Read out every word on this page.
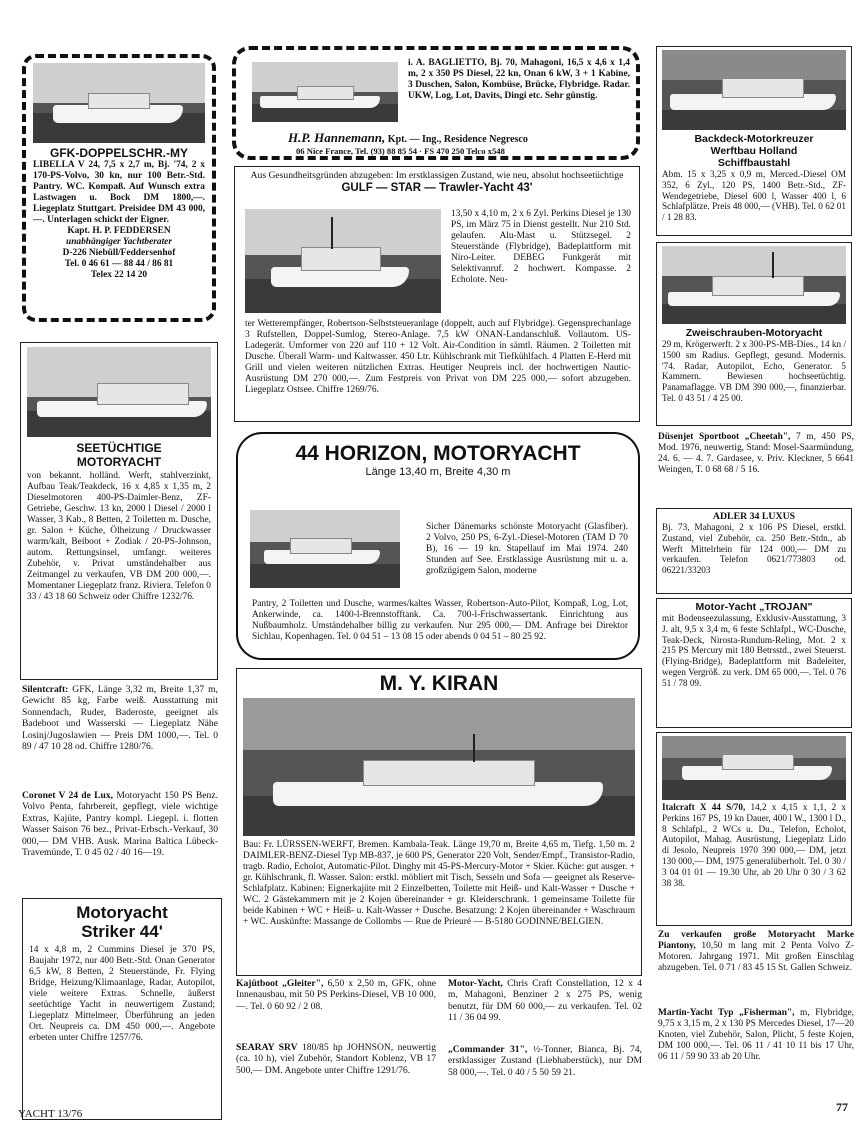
GFK-DOPPELSCHR.-MY
LIBELLA V 24, 7,5 x 2,7 m, Bj. '74, 2 x 170-PS-Volvo, 30 kn, nur 100 Betr.-Std. Pantry. WC. Kompaß. Auf Wunsch extra Lastwagen u. Bock DM 1800,—. Liegeplatz Stuttgart. Preisidee DM 43 000,—. Unterlagen schickt der Eigner.
Kapt. H. P. FEDDERSEN
unabhängiger Yachtberater
D-226 Niebüll/Feddersenhof
Tel. 0 46 61 — 88 44 / 86 81
Telex 22 14 20
SEETÜCHTIGE MOTORYACHT
von bekannt. holländ. Werft, stahlverzinkt, Aufbau Teak/Teakdeck, 16 x 4,85 x 1,35 m, 2 Dieselmotoren 400-PS-Daimler-Benz, ZF-Getriebe, Geschw. 13 kn, 2000 l Diesel / 2000 l Wasser, 3 Kab., 8 Betten, 2 Toiletten m. Dusche, gr. Salon + Küche, Ölheizung / Druckwasser warm/kalt, Beiboot + Zodiak / 20-PS-Johnson, autom. Rettungsinsel, umfangr. weiteres Zubehör, v. Privat umständehalber aus Zeitmangel zu verkaufen, VB DM 200 000,—. Momentaner Liegeplatz franz. Riviera. Telefon 0 33 / 43 18 60 Schweiz oder Chiffre 1232/76.
Silentcraft: GFK, Länge 3,32 m, Breite 1,37 m, Gewicht 85 kg, Farbe weiß. Ausstattung mit Sonnendach, Ruder, Baderoste, geeignet als Badeboot und Wasserski — Liegeplatz Nähe Losinj/Jugoslawien — Preis DM 1000,—. Tel. 0 89 / 47 10 28 od. Chiffre 1280/76.
Coronet V 24 de Lux, Motoryacht 150 PS Benz. Volvo Penta, fahrbereit, gepflegt, viele wichtige Extras, Kajüte, Pantry kompl. Liegepl. i. flotten Wasser Saison 76 bez., Privat-Erbsch.-Verkauf, 30 000,— DM VHB. Ausk. Marina Baltica Lübeck-Travemünde, T. 0 45 02 / 40 16—19.
Motoryacht Striker 44'
14 x 4,8 m, 2 Cummins Diesel je 370 PS, Baujahr 1972, nur 400 Betr.-Std. Onan Generator 6,5 kW, 8 Betten, 2 Steuerstände, Fr. Flying Bridge, Heizung/Klimaanlage, Radar, Autopilot, viele weitere Extras. Schnelle, äußerst seetüchtige Yacht in neuwertigem Zustand; Liegeplatz Mittelmeer, Überführung an jeden Ort. Neupreis ca. DM 450 000,—. Angebote erbeten unter Chiffre 1257/76.
i. A. BAGLIETTO, Bj. 70, Mahagoni, 16,5 x 4,6 x 1,4 m, 2 x 350 PS Diesel, 22 kn, Onan 6 kW, 3 + 1 Kabine, 3 Duschen, Salon, Kombüse, Brücke, Flybridge. Radar. UKW, Log, Lot, Davits, Dingi etc. Sehr günstig.
H.P. Hannemann, Kpt. — Ing., Residence Negresco
06 Nice France, Tel. (93) 88 85 54 · FS 470 250 Telco x548
Aus Gesundheitsgründen abzugeben: Im erstklassigen Zustand, wie neu, absolut hochseetüchtige
GULF — STAR — Trawler-Yacht 43'
13,50 x 4,10 m, 2 x 6 Zyl. Perkins Diesel je 130 PS, im März 75 in Dienst gestellt. Nur 210 Std. gelaufen. Alu-Mast u. Stützsegel. 2 Steuerstände (Flybridge), Badeplattform mit Niro-Leiter. DEBEG Funkgerät mit Selektivanruf. 2 hochwert. Kompasse. 2 Echolote. Neu-
ter Wetterempfänger, Robertson-Selbststeueranlage (doppelt, auch auf Flybridge). Gegensprechanlage 3 Rufstellen, Doppel-Sumlog, Stereo-Anlage. 7,5 kW ONAN-Landanschluß. Vollautom. US-Ladegerät. Umformer von 220 auf 110 + 12 Volt. Air-Condition in sämtl. Räumen. 2 Toiletten mit Dusche. Überall Warm- und Kaltwasser. 450 Ltr. Kühlschrank mit Tiefkühlfach. 4 Platten E-Herd mit Grill und vielen weiteren nützlichen Extras. Heutiger Neupreis incl. der hochwertigen Nautic-Ausrüstung DM 270 000,—. Zum Festpreis von Privat von DM 225 000,— sofort abzugeben. Liegeplatz Ostsee. Chiffre 1269/76.
44 HORIZON, MOTORYACHT
Länge 13,40 m, Breite 4,30 m
Sicher Dänemarks schönste Motoryacht (Glasfiber). 2 Volvo, 250 PS, 6-Zyl.-Diesel-Motoren (TAM D 70 B), 16 — 19 kn. Stapellauf im Mai 1974. 240 Stunden auf See. Erstklassige Ausrüstung mit u. a. großzügigem Salon, moderne
Pantry, 2 Toiletten und Dusche, warmes/kaltes Wasser, Robertson-Auto-Pilot, Kompaß, Log, Lot, Ankerwinde, ca. 1400-l-Brennstofftank. Ca. 700-l-Frischwassertank. Einrichtung aus Nußbaumholz. Umständehalber billig zu verkaufen. Nur 295 000,— DM. Anfrage bei Direktor Sichlau, Kopenhagen. Tel. 0 04 51 – 13 08 15 oder abends 0 04 51 – 80 25 92.
M. Y. KIRAN
Bau: Fr. LÜRSSEN-WERFT, Bremen. Kambala-Teak. Länge 19,70 m, Breite 4,65 m, Tiefg. 1,50 m. 2 DAIMLER-BENZ-Diesel Typ MB-837, je 600 PS, Generator 220 Volt, Sender/Empf., Transistor-Radio, tragb. Radio, Echolot, Automatic-Pilot. Dinghy mit 45-PS-Mercury-Motor + Skier. Küche: gut ausger. + gr. Kühlschrank, fl. Wasser. Salon: erstkl. möbliert mit Tisch, Sesseln und Sofa — geeignet als Reserve-Schlafplatz. Kabinen: Eignerkajüte mit 2 Einzelbetten, Toilette mit Heiß- und Kalt-Wasser + Dusche + WC. 2 Gästekammern mit je 2 Kojen übereinander + gr. Kleiderschrank. 1 gemeinsame Toilette für beide Kabinen + WC + Heiß- u. Kalt-Wasser + Dusche. Besatzung: 2 Kojen übereinander + Waschraum + WC. Auskünfte: Massange de Collombs — Rue de Prieuré — B-5180 GODINNE/BELGIEN.
Kajütboot „Gleiter", 6,50 x 2,50 m, GFK, ohne Innenausbau, mit 50 PS Perkins-Diesel, VB 10 000,—. Tel. 0 60 92 / 2 08.
SEARAY SRV 180/85 hp JOHNSON, neuwertig (ca. 10 h), viel Zubehör, Standort Koblenz, VB 17 500,— DM. Angebote unter Chiffre 1291/76.
Motor-Yacht, Chris Craft Constellation, 12 x 4 m, Mahagoni, Benziner 2 x 275 PS, wenig benutzt, für DM 60 000,— zu verkaufen. Tel. 02 11 / 36 04 99.
„Commander 31", ½-Tonner, Bianca, Bj. 74, erstklassiger Zustand (Liebhaberstück), nur DM 58 000,—. Tel. 0 40 / 5 50 59 21.
Backdeck-Motorkreuzer
Werftbau Holland
Schiffbaustahl
Abm. 15 x 3,25 x 0,9 m, Merced.-Diesel OM 352, 6 Zyl., 120 PS, 1400 Betr.-Std., ZF-Wendegetriebe, Diesel 600 l, Wasser 400 l, 6 Schlafplätze. Preis 48 000,— (VHB). Tel. 0 62 01 / 1 28 83.
Zweischrauben-Motoryacht
29 m, Krögerwerft. 2 x 300-PS-MB-Dies., 14 kn / 1500 sm Radius. Gepflegt, gesund. Modernis. '74. Radar, Autopilot, Echo, Generator. 5 Kammern. Bewiesen hochseetüchtig. Panamaflagge. VB DM 390 000,—, finanzierbar. Tel. 0 43 51 / 4 25 00.
Düsenjet Sportboot „Cheetah", 7 m, 450 PS, Mod. 1976, neuwertig, Stand: Mosel-Saarmündung, 24. 6. — 4. 7. Gardasee, v. Priv. Kleckner, 5 6641 Weingen, T. 0 68 68 / 5 16.
ADLER 34 LUXUS
Bj. 73, Mahagoni, 2 x 106 PS Diesel, erstkl. Zustand, viel Zubehör, ca. 250 Betr.-Stdn., ab Werft Mittelrhein für 124 000,— DM zu verkaufen. Telefon 0621/773803 od. 06221/33203
Motor-Yacht „TROJAN"
mit Bodenseezulassung, Exklusiv-Ausstattung, 3 J. alt, 9,5 x 3,4 m, 6 feste Schlafpl., WC-Dusche, Teak-Deck, Nirosta-Rundum-Reling, Mot. 2 x 215 PS Mercury mit 180 Betrsstd., zwei Steuerst. (Flying-Bridge), Badeplattform mit Badeleiter, wegen Vergröß. zu verk. DM 65 000,—. Tel. 0 76 51 / 78 09.
Italcraft X 44 S/70, 14,2 x 4,15 x 1,1, 2 x Perkins 167 PS, 19 kn Dauer, 400 l W., 1300 l D., 8 Schlafpl., 2 WCs u. Du., Telefon, Echolot, Autopilot, Mahag. Ausrüstung, Liegeplatz Lido di Jesolo, Neupreis 1970 390 000,— DM, jetzt 130 000,— DM, 1975 generalüberholt. Tel. 0 30 / 3 04 01 01 — 19.30 Uhr, ab 20 Uhr 0 30 / 3 62 38 38.
Zu verkaufen große Motoryacht Marke Piantony, 10,50 m lang mit 2 Penta Volvo Z-Motoren. Jahrgang 1971. Mit großen Einschlag abzugeben. Tel. 0 71 / 83 45 15 St. Gallen Schweiz.
Martin-Yacht Typ „Fisherman", m, Flybridge, 9,75 x 3,15 m, 2 x 130 PS Mercedes Diesel, 17—20 Knoten, viel Zubehör, Salon, Plicht, 5 feste Kojen, DM 100 000,—. Tel. 06 11 / 41 10 11 bis 17 Uhr, 06 11 / 59 90 33 ab 20 Uhr.
YACHT 13/76	77
